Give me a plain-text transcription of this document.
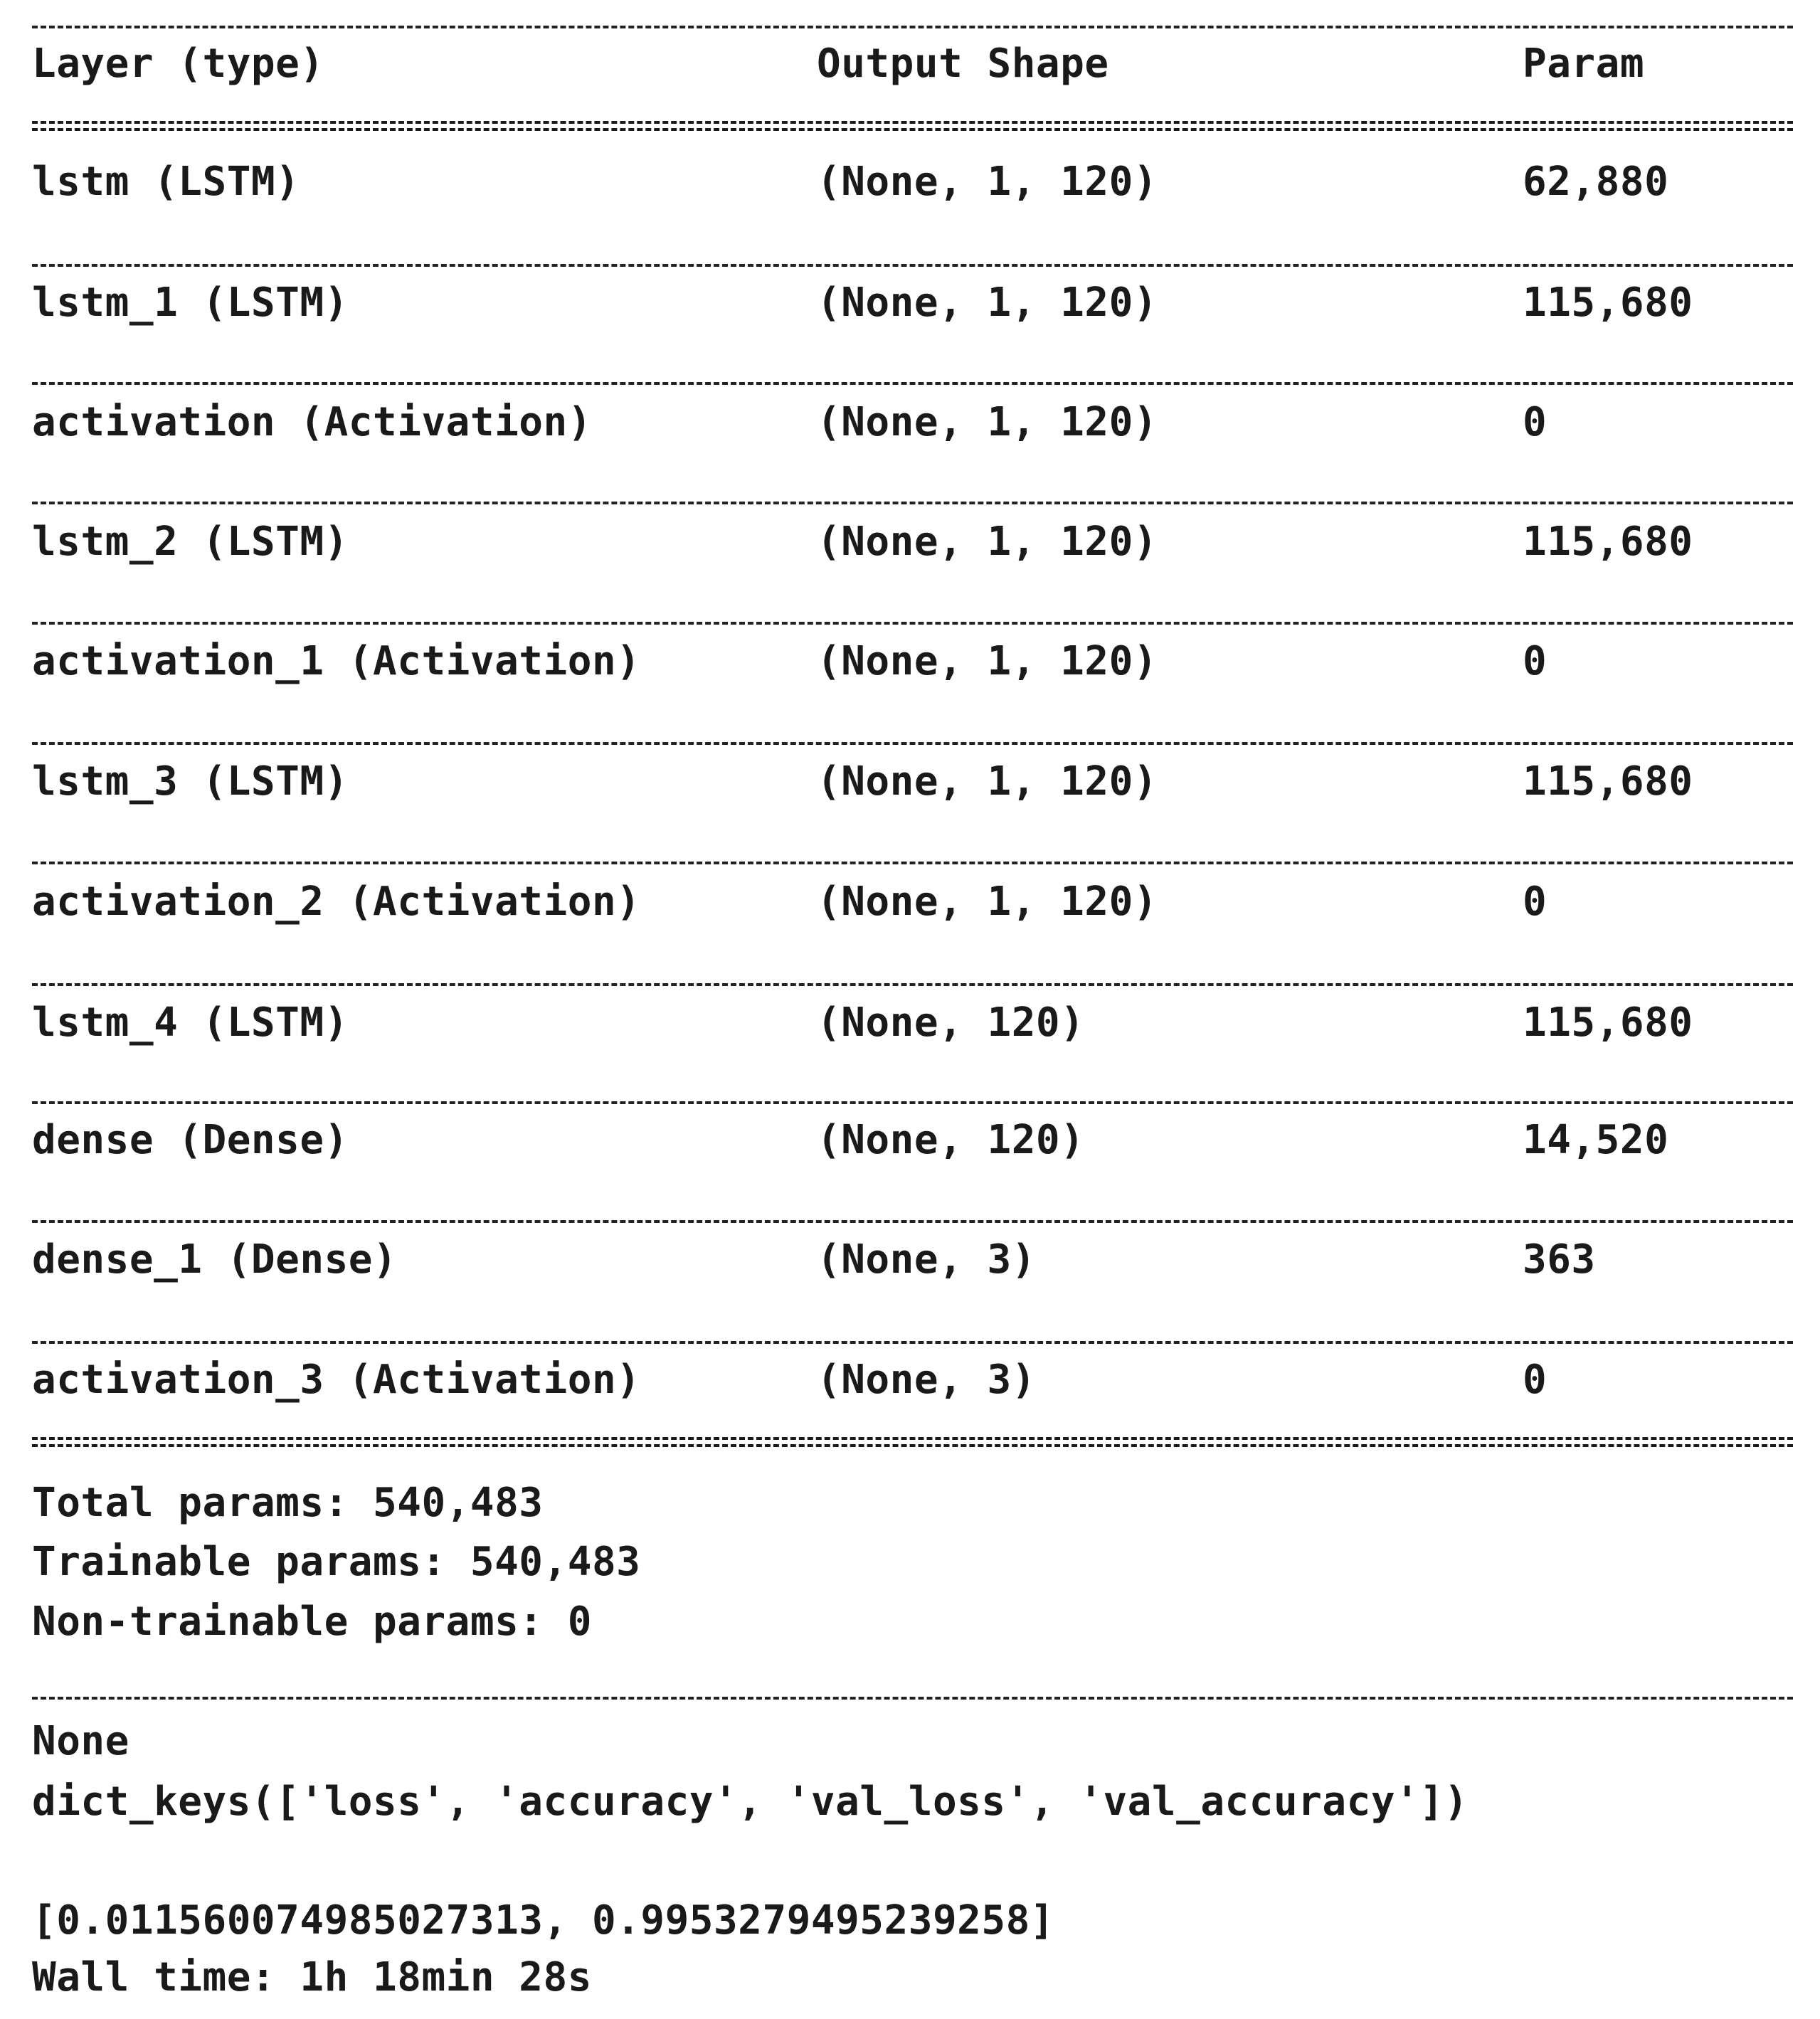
Layer (type)	Output Shape	Param
lstm (LSTM)	(None, 1, 120)	62,880
lstm_1 (LSTM)	(None, 1, 120)	115,680
activation (Activation)	(None, 1, 120)	0
lstm_2 (LSTM)	(None, 1, 120)	115,680
activation_1 (Activation)	(None, 1, 120)	0
lstm_3 (LSTM)	(None, 1, 120)	115,680
activation_2 (Activation)	(None, 1, 120)	0
lstm_4 (LSTM)	(None, 120)	115,680
dense (Dense)	(None, 120)	14,520
dense_1 (Dense)	(None, 3)	363
activation_3 (Activation)	(None, 3)	0
Total params: 540,483
Trainable params: 540,483
Non-trainable params: 0
None
dict_keys(['loss', 'accuracy', 'val_loss', 'val_accuracy'])
[0.011560074985027313, 0.9953279495239258]
Wall time: 1h 18min 28s
